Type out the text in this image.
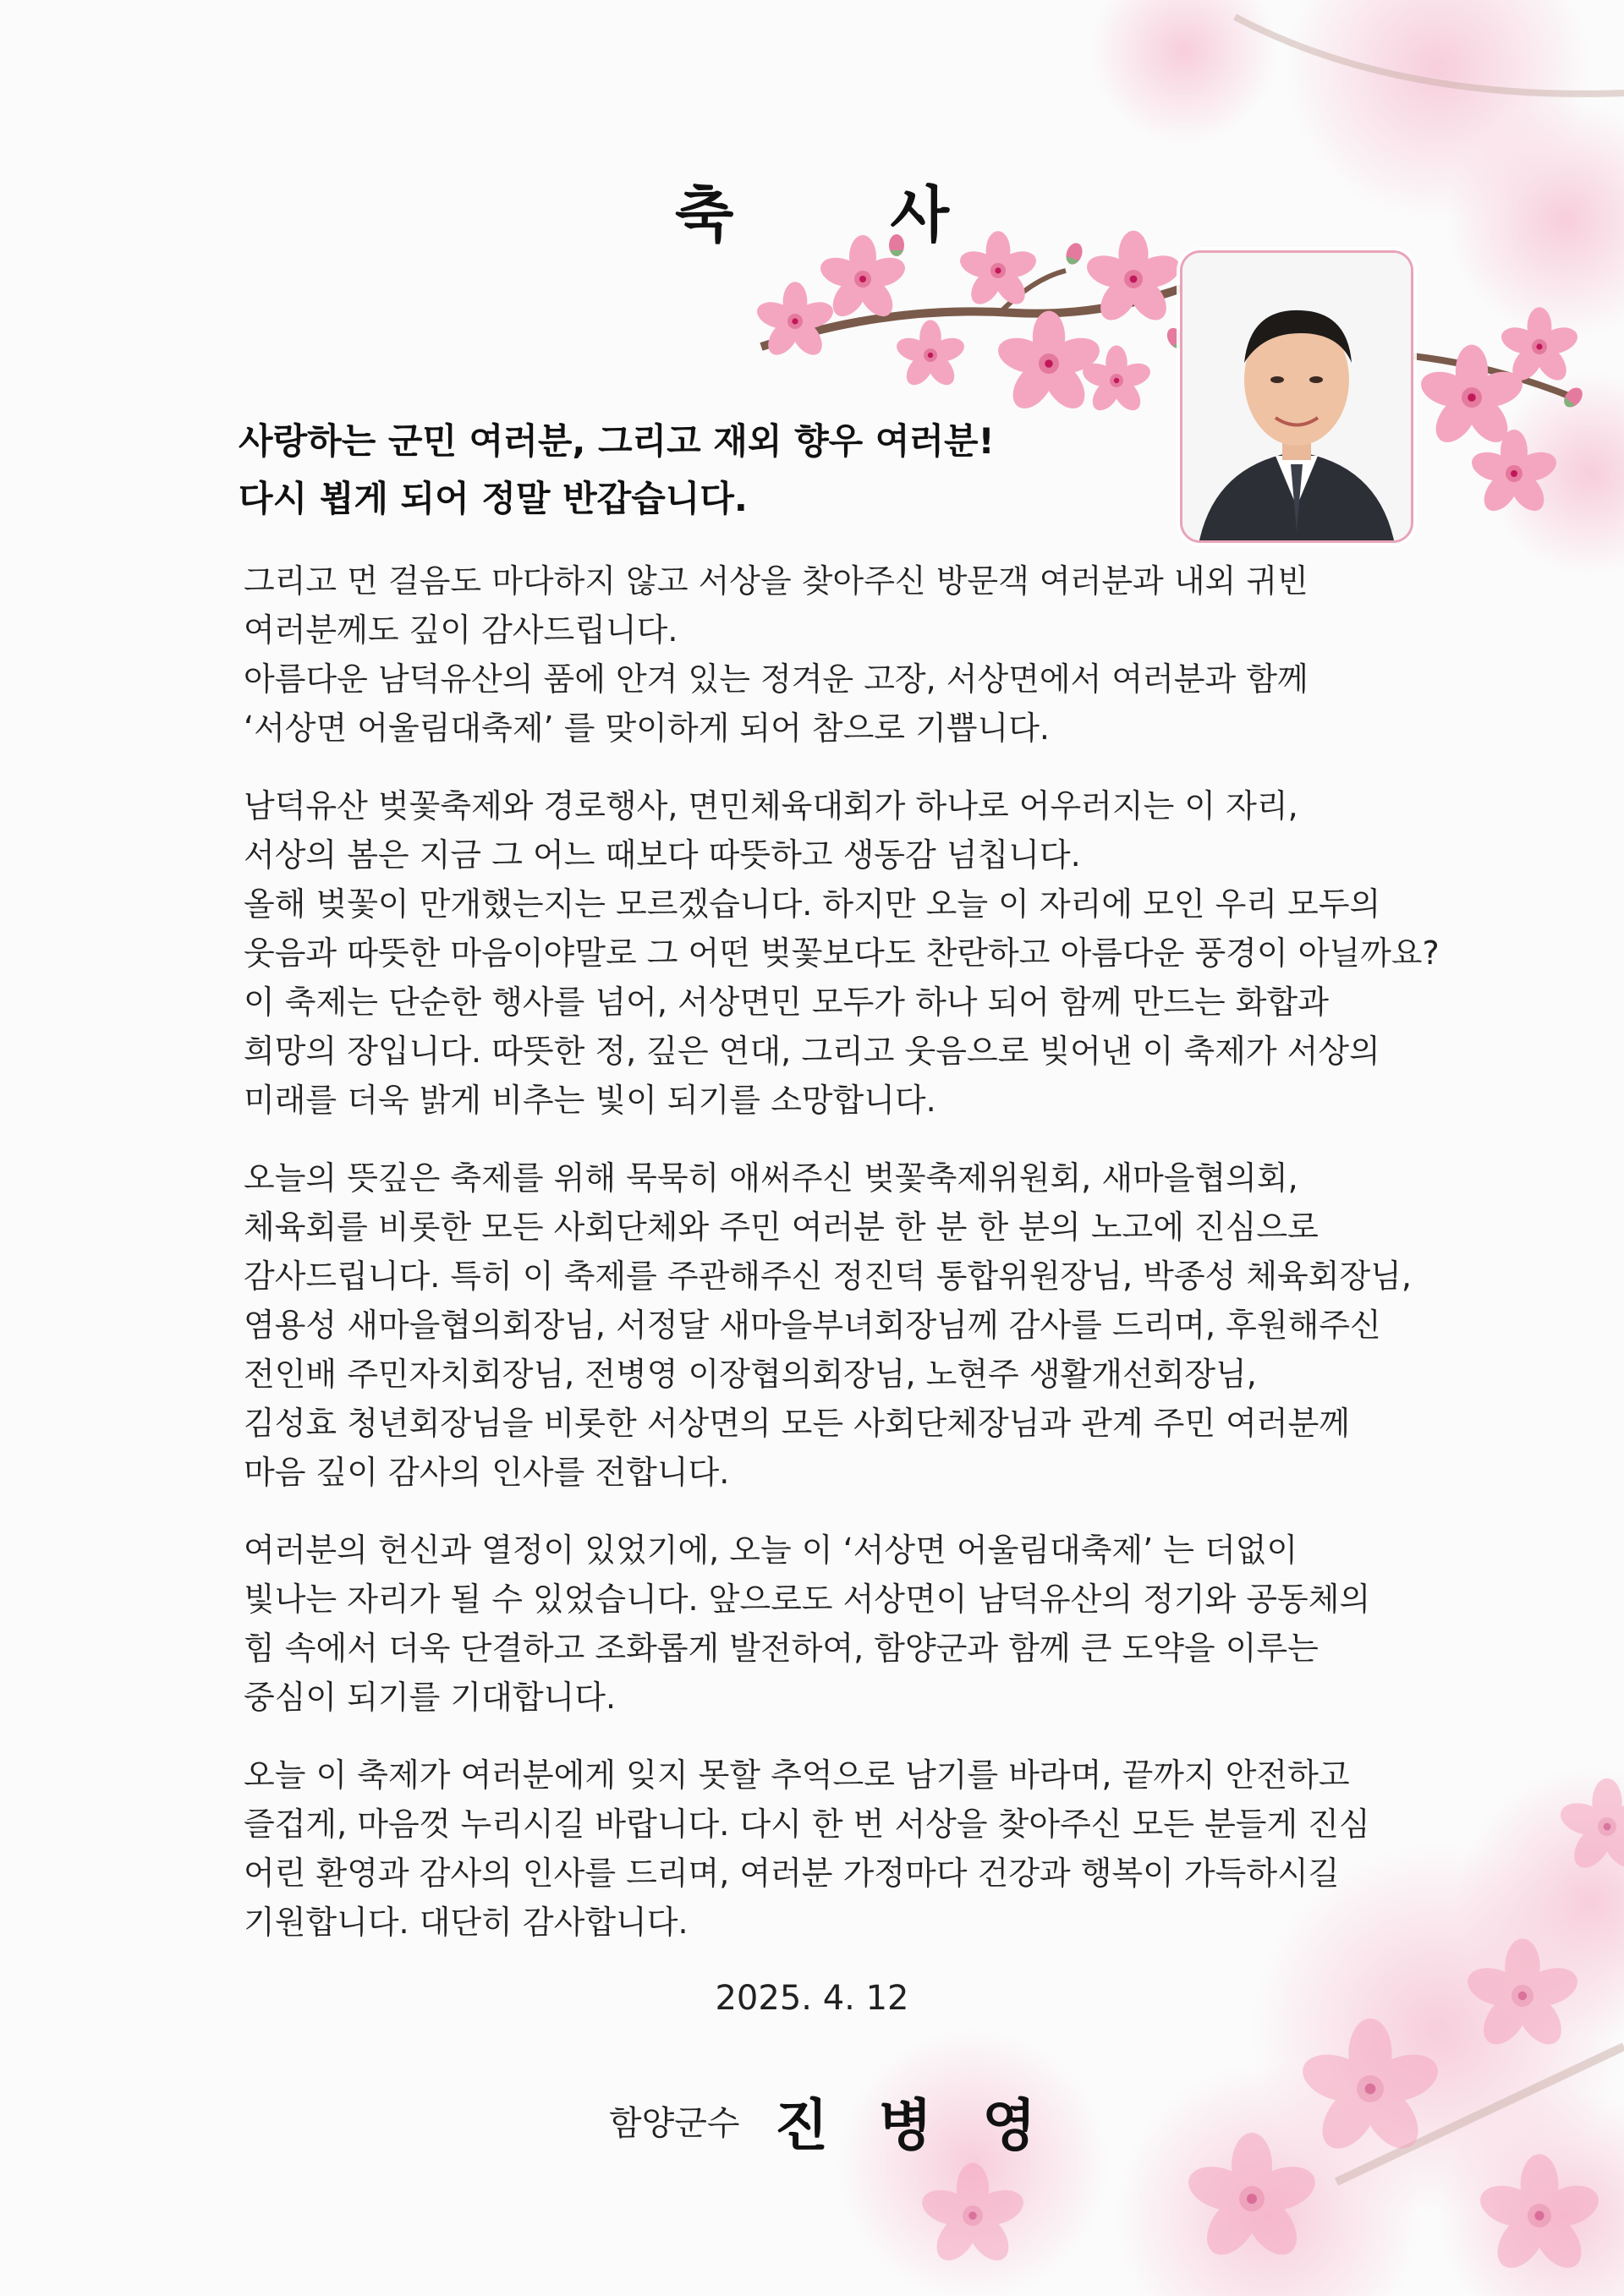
축 사
사랑하는 군민 여러분, 그리고 재외 향우 여러분!
다시 뵙게 되어 정말 반갑습니다.
그리고 먼 걸음도 마다하지 않고 서상을 찾아주신 방문객 여러분과 내외 귀빈
여러분께도 깊이 감사드립니다.
아름다운 남덕유산의 품에 안겨 있는 정겨운 고장, 서상면에서 여러분과 함께
‘서상면 어울림대축제’ 를 맞이하게 되어 참으로 기쁩니다.
남덕유산 벚꽃축제와 경로행사, 면민체육대회가 하나로 어우러지는 이 자리,
서상의 봄은 지금 그 어느 때보다 따뜻하고 생동감 넘칩니다.
올해 벚꽃이 만개했는지는 모르겠습니다. 하지만 오늘 이 자리에 모인 우리 모두의
웃음과 따뜻한 마음이야말로 그 어떤 벚꽃보다도 찬란하고 아름다운 풍경이 아닐까요?
이 축제는 단순한 행사를 넘어, 서상면민 모두가 하나 되어 함께 만드는 화합과
희망의 장입니다. 따뜻한 정, 깊은 연대, 그리고 웃음으로 빚어낸 이 축제가 서상의
미래를 더욱 밝게 비추는 빛이 되기를 소망합니다.
오늘의 뜻깊은 축제를 위해 묵묵히 애써주신 벚꽃축제위원회, 새마을협의회,
체육회를 비롯한 모든 사회단체와 주민 여러분 한 분 한 분의 노고에 진심으로
감사드립니다. 특히 이 축제를 주관해주신 정진덕 통합위원장님, 박종성 체육회장님,
염용성 새마을협의회장님, 서정달 새마을부녀회장님께 감사를 드리며, 후원해주신
전인배 주민자치회장님, 전병영 이장협의회장님, 노현주 생활개선회장님,
김성효 청년회장님을 비롯한 서상면의 모든 사회단체장님과 관계 주민 여러분께
마음 깊이 감사의 인사를 전합니다.
여러분의 헌신과 열정이 있었기에, 오늘 이 ‘서상면 어울림대축제’ 는 더없이
빛나는 자리가 될 수 있었습니다. 앞으로도 서상면이 남덕유산의 정기와 공동체의
힘 속에서 더욱 단결하고 조화롭게 발전하여, 함양군과 함께 큰 도약을 이루는
중심이 되기를 기대합니다.
오늘 이 축제가 여러분에게 잊지 못할 추억으로 남기를 바라며, 끝까지 안전하고
즐겁게, 마음껏 누리시길 바랍니다. 다시 한 번 서상을 찾아주신 모든 분들게 진심
어린 환영과 감사의 인사를 드리며, 여러분 가정마다 건강과 행복이 가득하시길
기원합니다. 대단히 감사합니다.
2025. 4. 12
함양군수 진 병 영
